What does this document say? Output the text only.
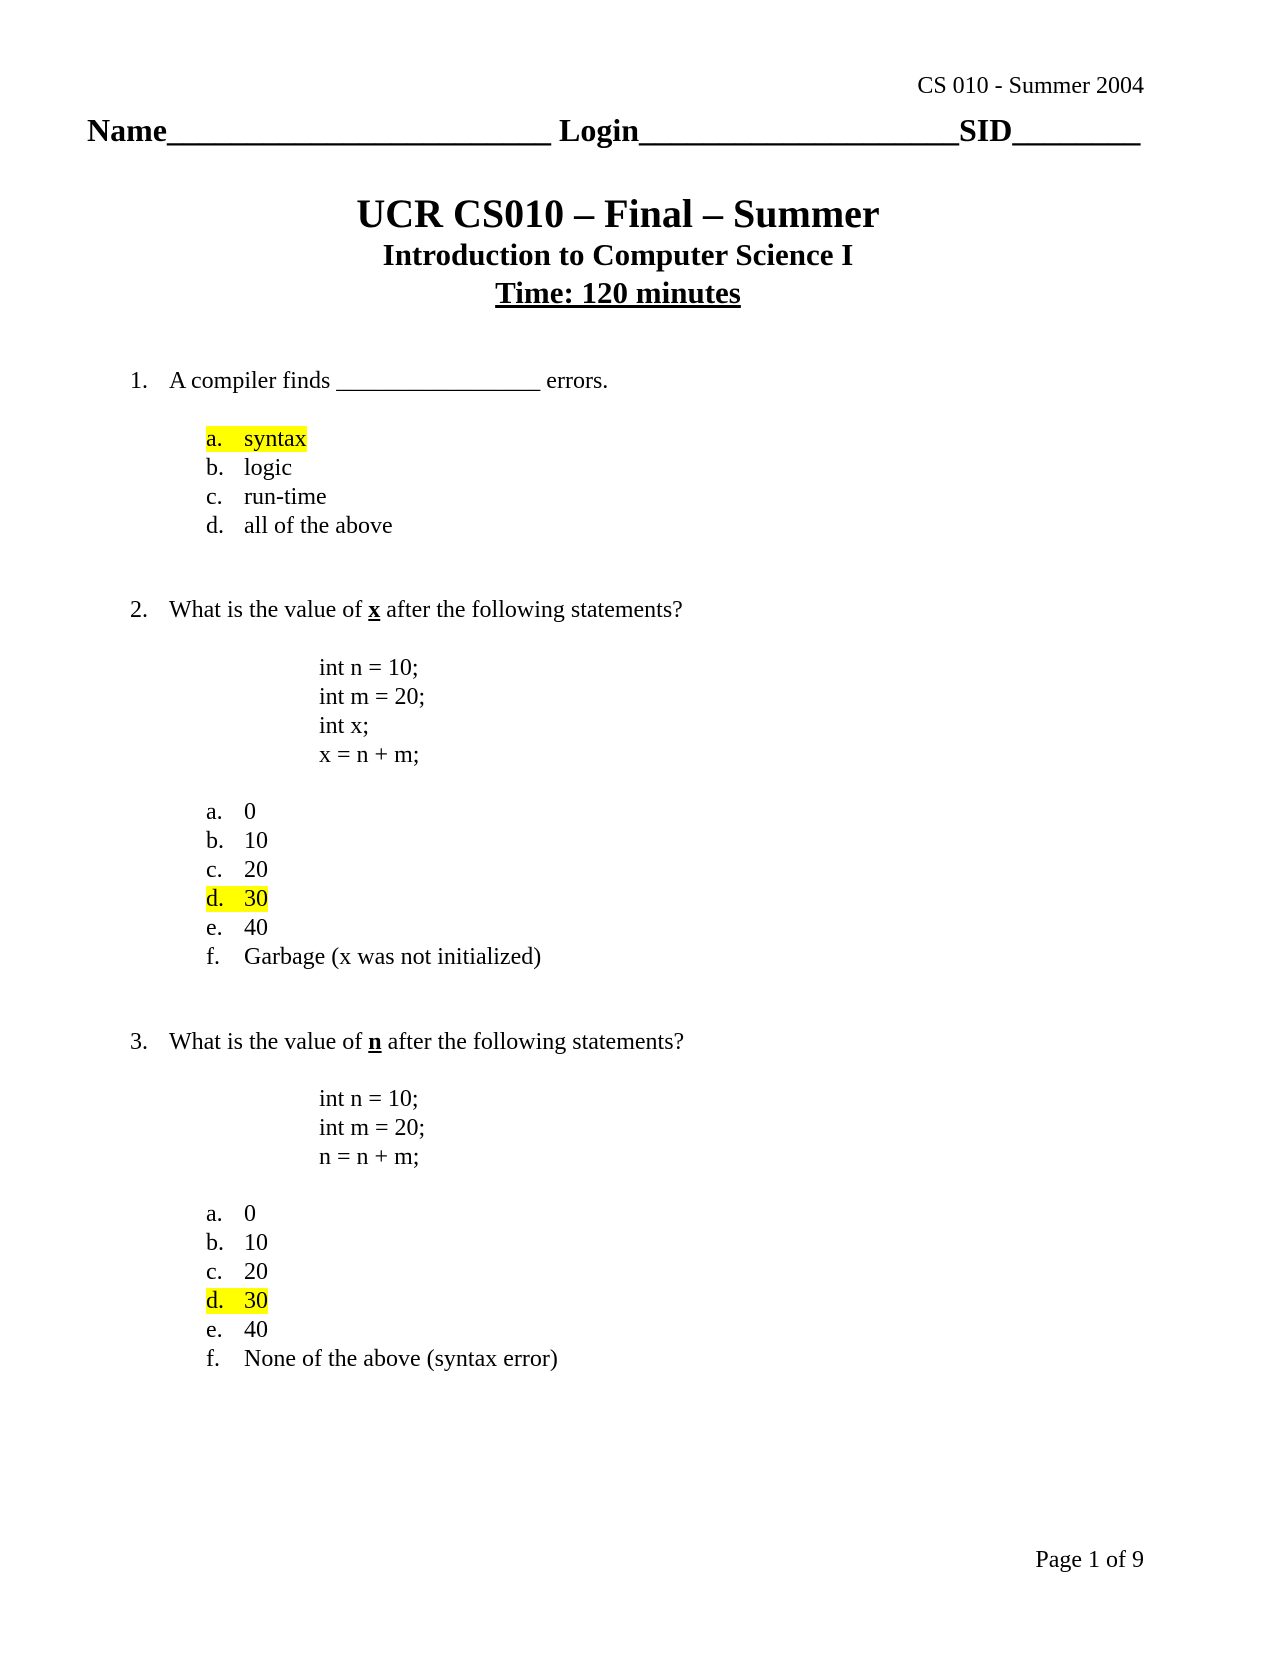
CS 010 - Summer 2004
Name________________________ Login____________________SID________
UCR CS010 – Final – Summer
Introduction to Computer Science I
Time: 120 minutes
1. A compiler finds _________________ errors.
a. syntax
b. logic
c. run-time
d. all of the above
2. What is the value of x after the following statements?
int n = 10;
int m = 20;
int x;
x = n + m;
a. 0
b. 10
c. 20
d. 30
e. 40
f. Garbage (x was not initialized)
3. What is the value of n after the following statements?
int n = 10;
int m = 20;
n = n + m;
a. 0
b. 10
c. 20
d. 30
e. 40
f. None of the above (syntax error)
Page 1 of 9
